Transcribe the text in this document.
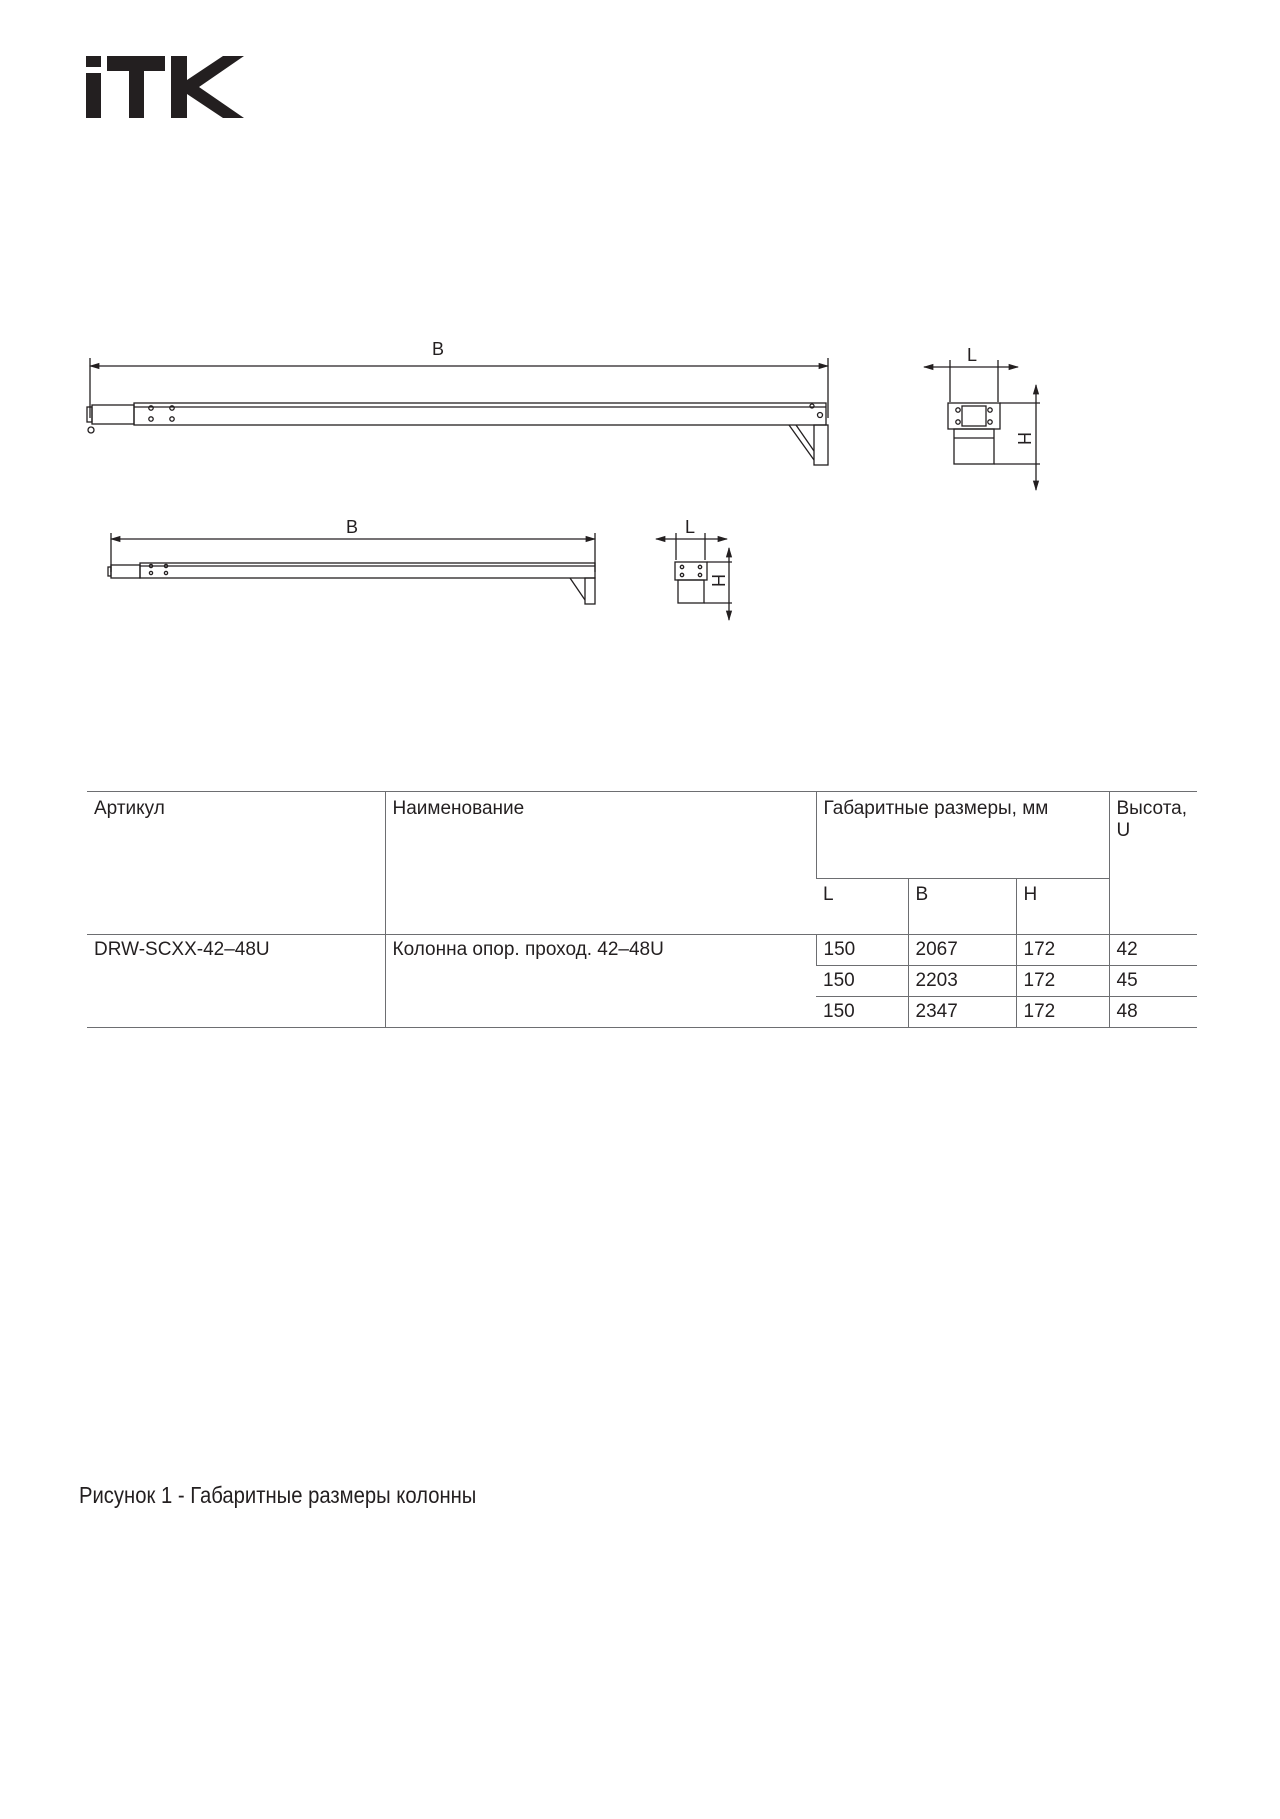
B	L
H
B	L
H
Артикул	Наименование	Габаритные размеры, мм			Высота, U
		L	B	H	
DRW-SCXX-42–48U	Колонна опор. проход. 42–48U	150	2067	172	42
		150	2203	172	45
		150	2347	172	48
Рисунок 1 - Габаритные размеры колонны
